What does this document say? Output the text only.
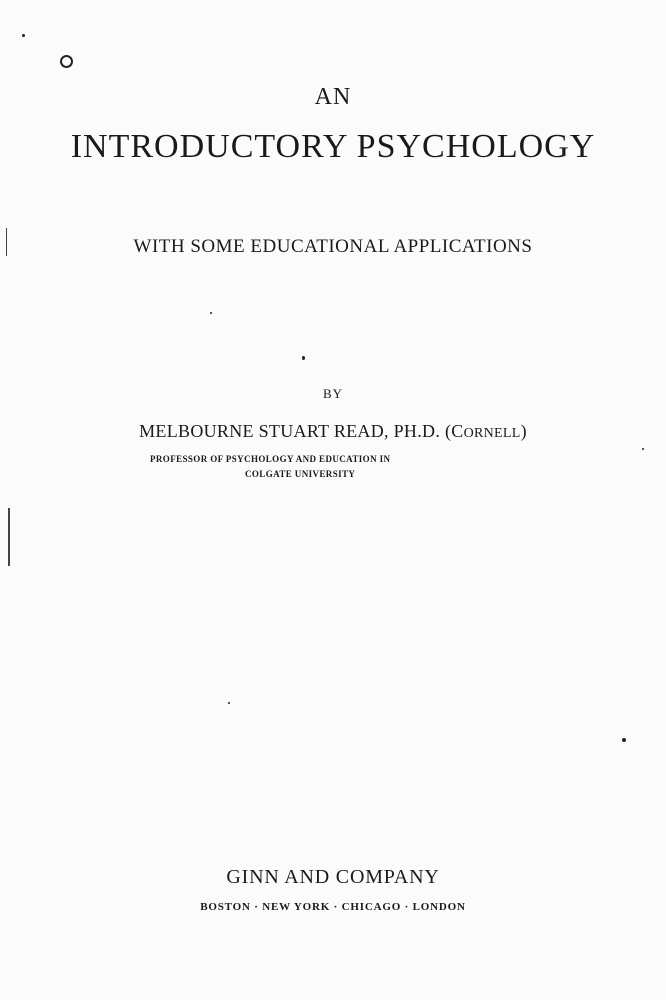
AN
INTRODUCTORY PSYCHOLOGY
WITH SOME EDUCATIONAL APPLICATIONS
BY
MELBOURNE STUART READ, PH.D. (CORNELL)
PROFESSOR OF PSYCHOLOGY AND EDUCATION IN
COLGATE UNIVERSITY
GINN AND COMPANY
BOSTON · NEW YORK · CHICAGO · LONDON
